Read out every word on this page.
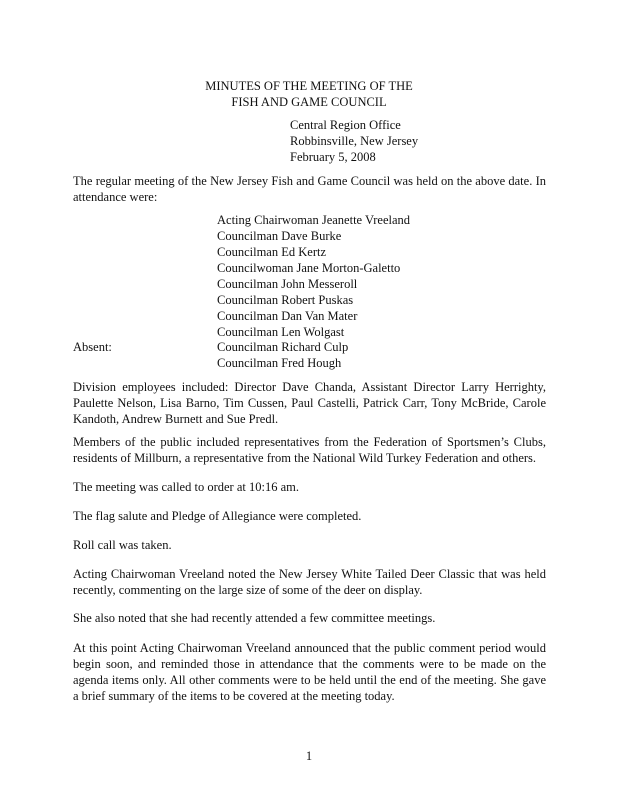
MINUTES OF THE MEETING OF THE
FISH AND GAME COUNCIL
Central Region Office
Robbinsville, New Jersey
February 5, 2008
The regular meeting of the New Jersey Fish and Game Council was held on the above date. In attendance were:
Acting Chairwoman Jeanette Vreeland
Councilman Dave Burke
Councilman Ed Kertz
Councilwoman Jane Morton-Galetto
Councilman John Messeroll
Councilman Robert Puskas
Councilman Dan Van Mater
Councilman Len Wolgast
Absent:	Councilman Richard Culp
Councilman Fred Hough
Division employees included: Director Dave Chanda, Assistant Director Larry Herrighty, Paulette Nelson, Lisa Barno, Tim Cussen, Paul Castelli, Patrick Carr, Tony McBride, Carole Kandoth, Andrew Burnett and Sue Predl.
Members of the public included representatives from the Federation of Sportsmen’s Clubs, residents of Millburn, a representative from the National Wild Turkey Federation and others.
The meeting was called to order at 10:16 am.
The flag salute and Pledge of Allegiance were completed.
Roll call was taken.
Acting Chairwoman Vreeland noted the New Jersey White Tailed Deer Classic that was held recently, commenting on the large size of some of the deer on display.
She also noted that she had recently attended a few committee meetings.
At this point Acting Chairwoman Vreeland announced that the public comment period would begin soon, and reminded those in attendance that the comments were to be made on the agenda items only. All other comments were to be held until the end of the meeting. She gave a brief summary of the items to be covered at the meeting today.
1
